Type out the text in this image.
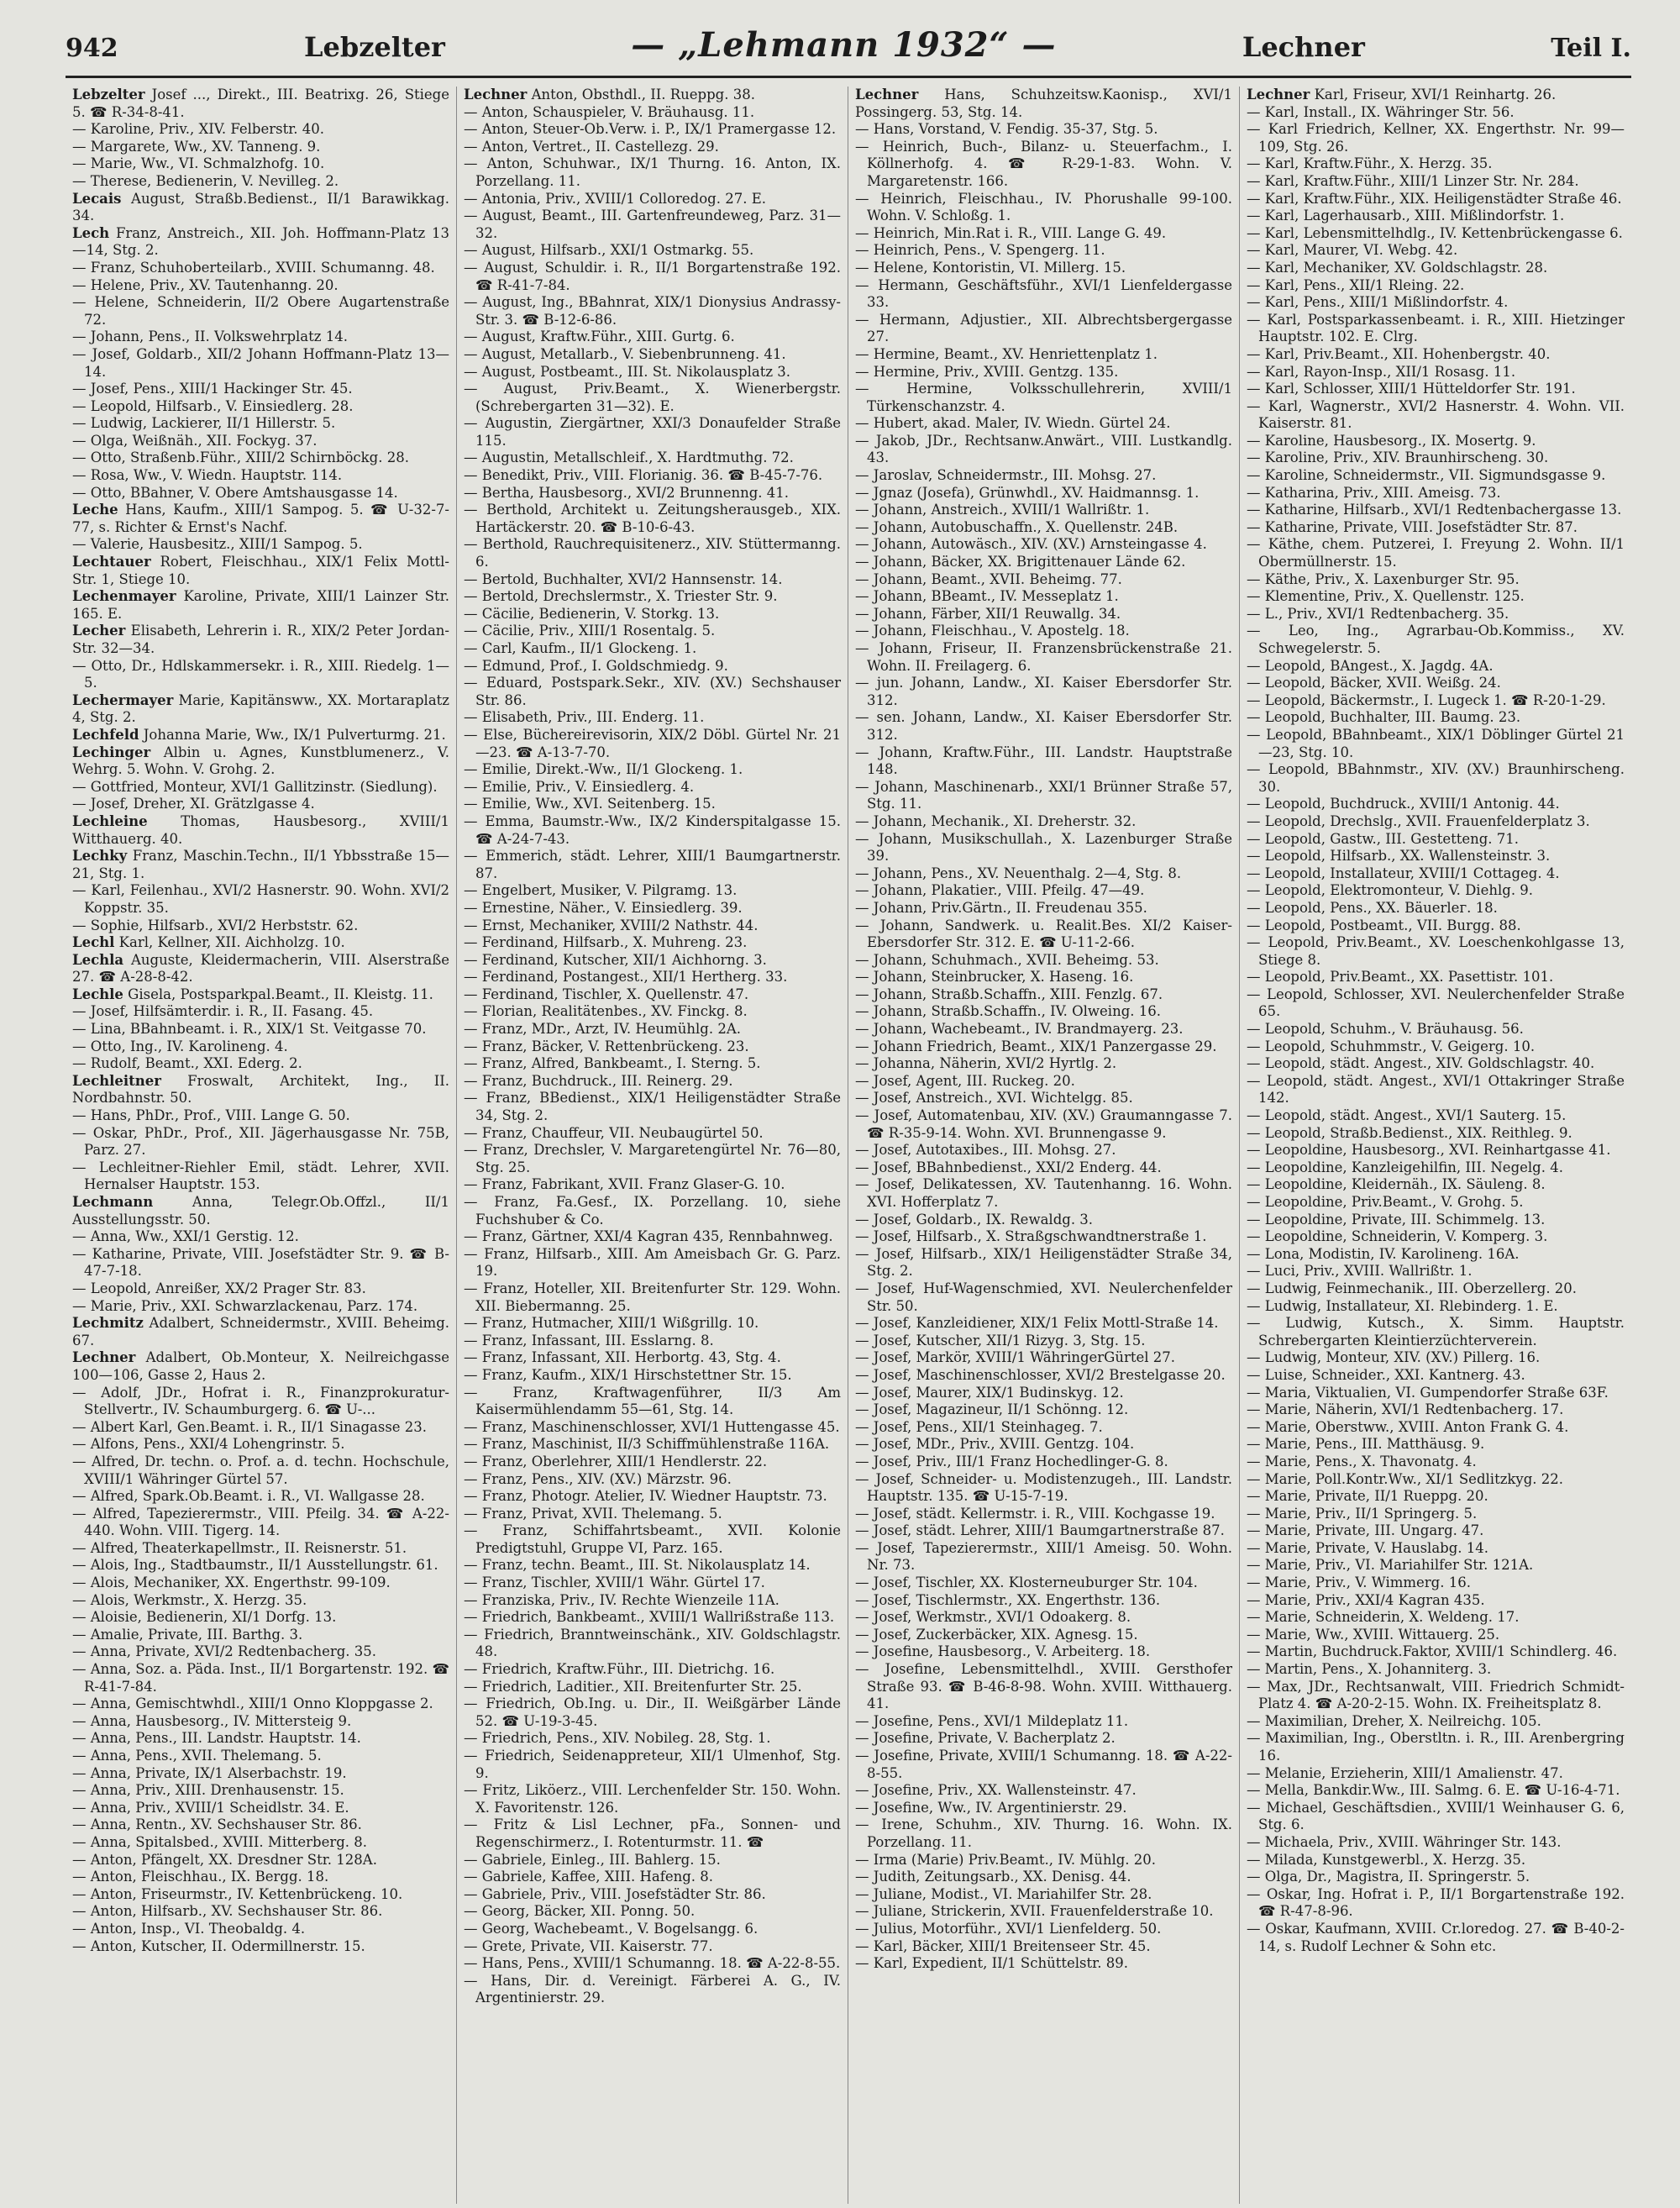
942	Lebzelter	— „Lehmann 1932“ —	Lechner	Teil I.
Lebzelter Josef ..., Direkt., III. Beatrixg. 26, Stiege 5. ☎ R-34-8-41.
— Karoline, Priv., XIV. Felberstr. 40.
— Margarete, Ww., XV. Tanneng. 9.
— Marie, Ww., VI. Schmalzhofg. 10.
— Therese, Bedienerin, V. Nevilleg. 2.
Lecais August, Straßb.Bedienst., II/1 Barawikkag. 34.
Lech Franz, Anstreich., XII. Joh. Hoffmann-Platz 13—14, Stg. 2.
— Franz, Schuhoberteilarb., XVIII. Schumanng. 48.
— Helene, Priv., XV. Tautenhanng. 20.
— Helene, Schneiderin, II/2 Obere Augartenstraße 72.
— Johann, Pens., II. Volkswehrplatz 14.
— Josef, Goldarb., XII/2 Johann Hoffmann-Platz 13—14.
— Josef, Pens., XIII/1 Hackinger Str. 45.
— Leopold, Hilfsarb., V. Einsiedlerg. 28.
— Ludwig, Lackierer, II/1 Hillerstr. 5.
— Olga, Weißnäh., XII. Fockyg. 37.
— Otto, Straßenb.Führ., XIII/2 Schirnböckg. 28.
— Rosa, Ww., V. Wiedn. Hauptstr. 114.
— Otto, BBahner, V. Obere Amtshausgasse 14.
Leche Hans, Kaufm., XIII/1 Sampog. 5. ☎ U-32-7-77, s. Richter & Ernst's Nachf.
— Valerie, Hausbesitz., XIII/1 Sampog. 5.
Lechtauer Robert, Fleischhau., XIX/1 Felix Mottl-Str. 1, Stiege 10.
Lechenmayer Karoline, Private, XIII/1 Lainzer Str. 165. E.
Lecher Elisabeth, Lehrerin i. R., XIX/2 Peter Jordan-Str. 32—34.
— Otto, Dr., Hdlskammersekr. i. R., XIII. Riedelg. 1—5.
Lechermayer Marie, Kapitänsww., XX. Mortaraplatz 4, Stg. 2.
Lechfeld Johanna Marie, Ww., IX/1 Pulverturmg. 21.
Lechinger Albin u. Agnes, Kunstblumenerz., V. Wehrg. 5. Wohn. V. Grohg. 2.
— Gottfried, Monteur, XVI/1 Gallitzinstr. (Siedlung).
— Josef, Dreher, XI. Grätzlgasse 4.
Lechleine Thomas, Hausbesorg., XVIII/1 Witthauerg. 40.
Lechky Franz, Maschin.Techn., II/1 Ybbsstraße 15—21, Stg. 1.
— Karl, Feilenhau., XVI/2 Hasnerstr. 90. Wohn. XVI/2 Koppstr. 35.
— Sophie, Hilfsarb., XVI/2 Herbststr. 62.
Lechl Karl, Kellner, XII. Aichholzg. 10.
Lechla Auguste, Kleidermacherin, VIII. Alserstraße 27. ☎ A-28-8-42.
Lechle Gisela, Postsparkpal.Beamt., II. Kleistg. 11.
— Josef, Hilfsämterdir. i. R., II. Fasang. 45.
— Lina, BBahnbeamt. i. R., XIX/1 St. Veitgasse 70.
— Otto, Ing., IV. Karolineng. 4.
— Rudolf, Beamt., XXI. Ederg. 2.
Lechleitner Froswalt, Architekt, Ing., II. Nordbahnstr. 50.
— Hans, PhDr., Prof., VIII. Lange G. 50.
— Oskar, PhDr., Prof., XII. Jägerhausgasse Nr. 75B, Parz. 27.
— Lechleitner-Riehler Emil, städt. Lehrer, XVII. Hernalser Hauptstr. 153.
Lechmann Anna, Telegr.Ob.Offzl., II/1 Ausstellungsstr. 50.
— Anna, Ww., XXI/1 Gerstig. 12.
— Katharine, Private, VIII. Josefstädter Str. 9. ☎ B-47-7-18.
— Leopold, Anreißer, XX/2 Prager Str. 83.
— Marie, Priv., XXI. Schwarzlackenau, Parz. 174.
Lechmitz Adalbert, Schneidermstr., XVIII. Beheimg. 67.
Lechner Adalbert, Ob.Monteur, X. Neilreichgasse 100—106, Gasse 2, Haus 2.
— Adolf, JDr., Hofrat i. R., Finanzprokuratur-Stellvertr., IV. Schaumburgerg. 6. ☎ U-...
— Albert Karl, Gen.Beamt. i. R., II/1 Sinagasse 23.
— Alfons, Pens., XXI/4 Lohengrinstr. 5.
— Alfred, Dr. techn. o. Prof. a. d. techn. Hochschule, XVIII/1 Währinger Gürtel 57.
— Alfred, Spark.Ob.Beamt. i. R., VI. Wallgasse 28.
— Alfred, Tapezierermstr., VIII. Pfeilg. 34. ☎ A-22-440. Wohn. VIII. Tigerg. 14.
— Alfred, Theaterkapellmstr., II. Reisnerstr. 51.
— Alois, Ing., Stadtbaumstr., II/1 Ausstellungstr. 61.
— Alois, Mechaniker, XX. Engerthstr. 99-109.
— Alois, Werkmstr., X. Herzg. 35.
— Aloisie, Bedienerin, XI/1 Dorfg. 13.
— Amalie, Private, III. Barthg. 3.
— Anna, Private, XVI/2 Redtenbacherg. 35.
— Anna, Soz. a. Päda. Inst., II/1 Borgartenstr. 192. ☎ R-41-7-84.
— Anna, Gemischtwhdl., XIII/1 Onno Kloppgasse 2.
— Anna, Hausbesorg., IV. Mittersteig 9.
— Anna, Pens., III. Landstr. Hauptstr. 14.
— Anna, Pens., XVII. Thelemang. 5.
— Anna, Private, IX/1 Alserbachstr. 19.
— Anna, Priv., XIII. Drenhausenstr. 15.
— Anna, Priv., XVIII/1 Scheidlstr. 34. E.
— Anna, Rentn., XV. Sechshauser Str. 86.
— Anna, Spitalsbed., XVIII. Mitterberg. 8.
— Anton, Pfängelt, XX. Dresdner Str. 128A.
— Anton, Fleischhau., IX. Bergg. 18.
— Anton, Friseurmstr., IV. Kettenbrückeng. 10.
— Anton, Hilfsarb., XV. Sechshauser Str. 86.
— Anton, Insp., VI. Theobaldg. 4.
— Anton, Kutscher, II. Odermillnerstr. 15.
Lechner Anton, Obsthdl., II. Rueppg. 38.
— Anton, Schauspieler, V. Bräuhausg. 11.
— Anton, Steuer-Ob.Verw. i. P., IX/1 Pramergasse 12.
— Anton, Vertret., II. Castellezg. 29.
— Anton, Schuhwar., IX/1 Thurng. 16. Anton, IX. Porzellang. 11.
— Antonia, Priv., XVIII/1 Colloredog. 27. E.
— August, Beamt., III. Gartenfreundeweg, Parz. 31—32.
— August, Hilfsarb., XXI/1 Ostmarkg. 55.
— August, Schuldir. i. R., II/1 Borgartenstraße 192. ☎ R-41-7-84.
— August, Ing., BBahnrat, XIX/1 Dionysius Andrassy-Str. 3. ☎ B-12-6-86.
— August, Kraftw.Führ., XIII. Gurtg. 6.
— August, Metallarb., V. Siebenbrunneng. 41.
— August, Postbeamt., III. St. Nikolausplatz 3.
— August, Priv.Beamt., X. Wienerbergstr. (Schrebergarten 31—32). E.
— Augustin, Ziergärtner, XXI/3 Donaufelder Straße 115.
— Augustin, Metallschleif., X. Hardtmuthg. 72.
— Benedikt, Priv., VIII. Florianig. 36. ☎ B-45-7-76.
— Bertha, Hausbesorg., XVI/2 Brunnenng. 41.
— Berthold, Architekt u. Zeitungsherausgeb., XIX. Hartäckerstr. 20. ☎ B-10-6-43.
— Berthold, Rauchrequisitenerz., XIV. Stüttermanng. 6.
— Bertold, Buchhalter, XVI/2 Hannsenstr. 14.
— Bertold, Drechslermstr., X. Triester Str. 9.
— Cäcilie, Bedienerin, V. Storkg. 13.
— Cäcilie, Priv., XIII/1 Rosentalg. 5.
— Carl, Kaufm., II/1 Glockeng. 1.
— Edmund, Prof., I. Goldschmiedg. 9.
— Eduard, Postspark.Sekr., XIV. (XV.) Sechshauser Str. 86.
— Elisabeth, Priv., III. Enderg. 11.
— Else, Büchereirevisorin, XIX/2 Döbl. Gürtel Nr. 21—23. ☎ A-13-7-70.
— Emilie, Direkt.-Ww., II/1 Glockeng. 1.
— Emilie, Priv., V. Einsiedlerg. 4.
— Emilie, Ww., XVI. Seitenberg. 15.
— Emma, Baumstr.-Ww., IX/2 Kinderspitalgasse 15. ☎ A-24-7-43.
— Emmerich, städt. Lehrer, XIII/1 Baumgartnerstr. 87.
— Engelbert, Musiker, V. Pilgramg. 13.
— Ernestine, Näher., V. Einsiedlerg. 39.
— Ernst, Mechaniker, XVIII/2 Nathstr. 44.
— Ferdinand, Hilfsarb., X. Muhreng. 23.
— Ferdinand, Kutscher, XII/1 Aichhorng. 3.
— Ferdinand, Postangest., XII/1 Hertherg. 33.
— Ferdinand, Tischler, X. Quellenstr. 47.
— Florian, Realitätenbes., XV. Finckg. 8.
— Franz, MDr., Arzt, IV. Heumühlg. 2A.
— Franz, Bäcker, V. Rettenbrückeng. 23.
— Franz, Alfred, Bankbeamt., I. Sterng. 5.
— Franz, Buchdruck., III. Reinerg. 29.
— Franz, BBedienst., XIX/1 Heiligenstädter Straße 34, Stg. 2.
— Franz, Chauffeur, VII. Neubaugürtel 50.
— Franz, Drechsler, V. Margaretengürtel Nr. 76—80, Stg. 25.
— Franz, Fabrikant, XVII. Franz Glaser-G. 10.
— Franz, Fa.Gesf., IX. Porzellang. 10, siehe Fuchshuber & Co.
— Franz, Gärtner, XXI/4 Kagran 435, Rennbahnweg.
— Franz, Hilfsarb., XIII. Am Ameisbach Gr. G. Parz. 19.
— Franz, Hoteller, XII. Breitenfurter Str. 129. Wohn. XII. Biebermanng. 25.
— Franz, Hutmacher, XIII/1 Wißgrillg. 10.
— Franz, Infassant, III. Esslarng. 8.
— Franz, Infassant, XII. Herbortg. 43, Stg. 4.
— Franz, Kaufm., XIX/1 Hirschstettner Str. 15.
— Franz, Kraftwagenführer, II/3 Am Kaisermühlendamm 55—61, Stg. 14.
— Franz, Maschinenschlosser, XVI/1 Huttengasse 45.
— Franz, Maschinist, II/3 Schiffmühlenstraße 116A.
— Franz, Oberlehrer, XIII/1 Hendlerstr. 22.
— Franz, Pens., XIV. (XV.) Märzstr. 96.
— Franz, Photogr. Atelier, IV. Wiedner Hauptstr. 73.
— Franz, Privat, XVII. Thelemang. 5.
— Franz, Schiffahrtsbeamt., XVII. Kolonie Predigtstuhl, Gruppe VI, Parz. 165.
— Franz, techn. Beamt., III. St. Nikolausplatz 14.
— Franz, Tischler, XVIII/1 Währ. Gürtel 17.
— Franziska, Priv., IV. Rechte Wienzeile 11A.
— Friedrich, Bankbeamt., XVIII/1 Wallrißstraße 113.
— Friedrich, Branntweinschänk., XIV. Goldschlagstr. 48.
— Friedrich, Kraftw.Führ., III. Dietrichg. 16.
— Friedrich, Laditier., XII. Breitenfurter Str. 25.
— Friedrich, Ob.Ing. u. Dir., II. Weißgärber Lände 52. ☎ U-19-3-45.
— Friedrich, Pens., XIV. Nobileg. 28, Stg. 1.
— Friedrich, Seidenappreteur, XII/1 Ulmenhof, Stg. 9.
— Fritz, Liköerz., VIII. Lerchenfelder Str. 150. Wohn. X. Favoritenstr. 126.
— Fritz & Lisl Lechner, pFa., Sonnen- und Regenschirmerz., I. Rotenturmstr. 11. ☎
— Gabriele, Einleg., III. Bahlerg. 15.
— Gabriele, Kaffee, XIII. Hafeng. 8.
— Gabriele, Priv., VIII. Josefstädter Str. 86.
— Georg, Bäcker, XII. Ponng. 50.
— Georg, Wachebeamt., V. Bogelsangg. 6.
— Grete, Private, VII. Kaiserstr. 77.
— Hans, Pens., XVIII/1 Schumanng. 18. ☎ A-22-8-55.
— Hans, Dir. d. Vereinigt. Färberei A. G., IV. Argentinierstr. 29.
Lechner Hans, Schuhzeitsw.Kaonisp., XVI/1 Possingerg. 53, Stg. 14.
— Hans, Vorstand, V. Fendig. 35-37, Stg. 5.
— Heinrich, Buch-, Bilanz- u. Steuerfachm., I. Köllnerhofg. 4. ☎ R-29-1-83. Wohn. V. Margaretenstr. 166.
— Heinrich, Fleischhau., IV. Phorushalle 99-100. Wohn. V. Schloßg. 1.
— Heinrich, Min.Rat i. R., VIII. Lange G. 49.
— Heinrich, Pens., V. Spengerg. 11.
— Helene, Kontoristin, VI. Millerg. 15.
— Hermann, Geschäftsführ., XVI/1 Lienfeldergasse 33.
— Hermann, Adjustier., XII. Albrechtsbergergasse 27.
— Hermine, Beamt., XV. Henriettenplatz 1.
— Hermine, Priv., XVIII. Gentzg. 135.
— Hermine, Volksschullehrerin, XVIII/1 Türkenschanzstr. 4.
— Hubert, akad. Maler, IV. Wiedn. Gürtel 24.
— Jakob, JDr., Rechtsanw.Anwärt., VIII. Lustkandlg. 43.
— Jaroslav, Schneidermstr., III. Mohsg. 27.
— Jgnaz (Josefa), Grünwhdl., XV. Haidmannsg. 1.
— Johann, Anstreich., XVIII/1 Wallrißtr. 1.
— Johann, Autobuschaffn., X. Quellenstr. 24B.
— Johann, Autowäsch., XIV. (XV.) Arnsteingasse 4.
— Johann, Bäcker, XX. Brigittenauer Lände 62.
— Johann, Beamt., XVII. Beheimg. 77.
— Johann, BBeamt., IV. Messeplatz 1.
— Johann, Färber, XII/1 Reuwallg. 34.
— Johann, Fleischhau., V. Apostelg. 18.
— Johann, Friseur, II. Franzensbrückenstraße 21. Wohn. II. Freilagerg. 6.
— jun. Johann, Landw., XI. Kaiser Ebersdorfer Str. 312.
— sen. Johann, Landw., XI. Kaiser Ebersdorfer Str. 312.
— Johann, Kraftw.Führ., III. Landstr. Hauptstraße 148.
— Johann, Maschinenarb., XXI/1 Brünner Straße 57, Stg. 11.
— Johann, Mechanik., XI. Dreherstr. 32.
— Johann, Musikschullah., X. Lazenburger Straße 39.
— Johann, Pens., XV. Neuenthalg. 2—4, Stg. 8.
— Johann, Plakatier., VIII. Pfeilg. 47—49.
— Johann, Priv.Gärtn., II. Freudenau 355.
— Johann, Sandwerk. u. Realit.Bes. XI/2 Kaiser-Ebersdorfer Str. 312. E. ☎ U-11-2-66.
— Johann, Schuhmach., XVII. Beheimg. 53.
— Johann, Steinbrucker, X. Haseng. 16.
— Johann, Straßb.Schaffn., XIII. Fenzlg. 67.
— Johann, Straßb.Schaffn., IV. Olweing. 16.
— Johann, Wachebeamt., IV. Brandmayerg. 23.
— Johann Friedrich, Beamt., XIX/1 Panzergasse 29.
— Johanna, Näherin, XVI/2 Hyrtlg. 2.
— Josef, Agent, III. Ruckeg. 20.
— Josef, Anstreich., XVI. Wichtelgg. 85.
— Josef, Automatenbau, XIV. (XV.) Graumanngasse 7. ☎ R-35-9-14. Wohn. XVI. Brunnengasse 9.
— Josef, Autotaxibes., III. Mohsg. 27.
— Josef, BBahnbedienst., XXI/2 Enderg. 44.
— Josef, Delikatessen, XV. Tautenhanng. 16. Wohn. XVI. Hofferplatz 7.
— Josef, Goldarb., IX. Rewaldg. 3.
— Josef, Hilfsarb., X. Straßgschwandtnerstraße 1.
— Josef, Hilfsarb., XIX/1 Heiligenstädter Straße 34, Stg. 2.
— Josef, Huf-Wagenschmied, XVI. Neulerchenfelder Str. 50.
— Josef, Kanzleidiener, XIX/1 Felix Mottl-Straße 14.
— Josef, Kutscher, XII/1 Rizyg. 3, Stg. 15.
— Josef, Markör, XVIII/1 WähringerGürtel 27.
— Josef, Maschinenschlosser, XVI/2 Brestelgasse 20.
— Josef, Maurer, XIX/1 Budinskyg. 12.
— Josef, Magazineur, II/1 Schönng. 12.
— Josef, Pens., XII/1 Steinhageg. 7.
— Josef, MDr., Priv., XVIII. Gentzg. 104.
— Josef, Priv., III/1 Franz Hochedlinger-G. 8.
— Josef, Schneider- u. Modistenzugeh., III. Landstr. Hauptstr. 135. ☎ U-15-7-19.
— Josef, städt. Kellermstr. i. R., VIII. Kochgasse 19.
— Josef, städt. Lehrer, XIII/1 Baumgartnerstraße 87.
— Josef, Tapezierermstr., XIII/1 Ameisg. 50. Wohn. Nr. 73.
— Josef, Tischler, XX. Klosterneuburger Str. 104.
— Josef, Tischlermstr., XX. Engerthstr. 136.
— Josef, Werkmstr., XVI/1 Odoakerg. 8.
— Josef, Zuckerbäcker, XIX. Agnesg. 15.
— Josefine, Hausbesorg., V. Arbeiterg. 18.
— Josefine, Lebensmittelhdl., XVIII. Gersthofer Straße 93. ☎ B-46-8-98. Wohn. XVIII. Witthauerg. 41.
— Josefine, Pens., XVI/1 Mildeplatz 11.
— Josefine, Private, V. Bacherplatz 2.
— Josefine, Private, XVIII/1 Schumanng. 18. ☎ A-22-8-55.
— Josefine, Priv., XX. Wallensteinstr. 47.
— Josefine, Ww., IV. Argentinierstr. 29.
— Irene, Schuhm., XIV. Thurng. 16. Wohn. IX. Porzellang. 11.
— Irma (Marie) Priv.Beamt., IV. Mühlg. 20.
— Judith, Zeitungsarb., XX. Denisg. 44.
— Juliane, Modist., VI. Mariahilfer Str. 28.
— Juliane, Strickerin, XVII. Frauenfelderstraße 10.
— Julius, Motorführ., XVI/1 Lienfelderg. 50.
— Karl, Bäcker, XIII/1 Breitenseer Str. 45.
— Karl, Expedient, II/1 Schüttelstr. 89.
Lechner Karl, Friseur, XVI/1 Reinhartg. 26.
— Karl, Install., IX. Währinger Str. 56.
— Karl Friedrich, Kellner, XX. Engerthstr. Nr. 99—109, Stg. 26.
— Karl, Kraftw.Führ., X. Herzg. 35.
— Karl, Kraftw.Führ., XIII/1 Linzer Str. Nr. 284.
— Karl, Kraftw.Führ., XIX. Heiligenstädter Straße 46.
— Karl, Lagerhausarb., XIII. Mißlindorfstr. 1.
— Karl, Lebensmittelhdlg., IV. Kettenbrückengasse 6.
— Karl, Maurer, VI. Webg. 42.
— Karl, Mechaniker, XV. Goldschlagstr. 28.
— Karl, Pens., XII/1 Rleing. 22.
— Karl, Pens., XIII/1 Mißlindorfstr. 4.
— Karl, Postsparkassenbeamt. i. R., XIII. Hietzinger Hauptstr. 102. E. Clrg.
— Karl, Priv.Beamt., XII. Hohenbergstr. 40.
— Karl, Rayon-Insp., XII/1 Rosasg. 11.
— Karl, Schlosser, XIII/1 Hütteldorfer Str. 191.
— Karl, Wagnerstr., XVI/2 Hasnerstr. 4. Wohn. VII. Kaiserstr. 81.
— Karoline, Hausbesorg., IX. Mosertg. 9.
— Karoline, Priv., XIV. Braunhirscheng. 30.
— Karoline, Schneidermstr., VII. Sigmundsgasse 9.
— Katharina, Priv., XIII. Ameisg. 73.
— Katharine, Hilfsarb., XVI/1 Redtenbachergasse 13.
— Katharine, Private, VIII. Josefstädter Str. 87.
— Käthe, chem. Putzerei, I. Freyung 2. Wohn. II/1 Obermüllnerstr. 15.
— Käthe, Priv., X. Laxenburger Str. 95.
— Klementine, Priv., X. Quellenstr. 125.
— L., Priv., XVI/1 Redtenbacherg. 35.
— Leo, Ing., Agrarbau-Ob.Kommiss., XV. Schwegelerstr. 5.
— Leopold, BAngest., X. Jagdg. 4A.
— Leopold, Bäcker, XVII. Weißg. 24.
— Leopold, Bäckermstr., I. Lugeck 1. ☎ R-20-1-29.
— Leopold, Buchhalter, III. Baumg. 23.
— Leopold, BBahnbeamt., XIX/1 Döblinger Gürtel 21—23, Stg. 10.
— Leopold, BBahnmstr., XIV. (XV.) Braunhirscheng. 30.
— Leopold, Buchdruck., XVIII/1 Antonig. 44.
— Leopold, Drechslg., XVII. Frauenfelderplatz 3.
— Leopold, Gastw., III. Gestetteng. 71.
— Leopold, Hilfsarb., XX. Wallensteinstr. 3.
— Leopold, Installateur, XVIII/1 Cottageg. 4.
— Leopold, Elektromonteur, V. Diehlg. 9.
— Leopold, Pens., XX. Bäuerlег. 18.
— Leopold, Postbeamt., VII. Burgg. 88.
— Leopold, Priv.Beamt., XV. Loeschenkohlgasse 13, Stiege 8.
— Leopold, Priv.Beamt., XX. Pasettistr. 101.
— Leopold, Schlosser, XVI. Neulerchenfelder Straße 65.
— Leopold, Schuhm., V. Bräuhausg. 56.
— Leopold, Schuhmmstr., V. Geigerg. 10.
— Leopold, städt. Angest., XIV. Goldschlagstr. 40.
— Leopold, städt. Angest., XVI/1 Ottakringer Straße 142.
— Leopold, städt. Angest., XVI/1 Sauterg. 15.
— Leopold, Straßb.Bedienst., XIX. Reithleg. 9.
— Leopoldine, Hausbesorg., XVI. Reinhartgasse 41.
— Leopoldine, Kanzleigehilfin, III. Negelg. 4.
— Leopoldine, Kleidernäh., IX. Säuleng. 8.
— Leopoldine, Priv.Beamt., V. Grohg. 5.
— Leopoldine, Private, III. Schimmelg. 13.
— Leopoldine, Schneiderin, V. Komperg. 3.
— Lona, Modistin, IV. Karolineng. 16A.
— Luci, Priv., XVIII. Wallrißtr. 1.
— Ludwig, Feinmechanik., III. Oberzellerg. 20.
— Ludwig, Installateur, XI. Rlebinderg. 1. E.
— Ludwig, Kutsch., X. Simm. Hauptstr. Schrebergarten Kleintierzüchterverein.
— Ludwig, Monteur, XIV. (XV.) Pillerg. 16.
— Luise, Schneider., XXI. Kantnerg. 43.
— Maria, Viktualien, VI. Gumpendorfer Straße 63F.
— Marie, Näherin, XVI/1 Redtenbacherg. 17.
— Marie, Oberstww., XVIII. Anton Frank G. 4.
— Marie, Pens., III. Matthäusg. 9.
— Marie, Pens., X. Thavonatg. 4.
— Marie, Poll.Kontr.Ww., XI/1 Sedlitzkyg. 22.
— Marie, Private, II/1 Rueppg. 20.
— Marie, Priv., II/1 Springerg. 5.
— Marie, Private, III. Ungarg. 47.
— Marie, Private, V. Hauslabg. 14.
— Marie, Priv., VI. Mariahilfer Str. 121A.
— Marie, Priv., V. Wimmerg. 16.
— Marie, Priv., XXI/4 Kagran 435.
— Marie, Schneiderin, X. Weldeng. 17.
— Marie, Ww., XVIII. Wittauerg. 25.
— Martin, Buchdruck.Faktor, XVIII/1 Schindlerg. 46.
— Martin, Pens., X. Johanniterg. 3.
— Max, JDr., Rechtsanwalt, VIII. Friedrich Schmidt-Platz 4. ☎ A-20-2-15. Wohn. IX. Freiheitsplatz 8.
— Maximilian, Dreher, X. Neilreichg. 105.
— Maximilian, Ing., Oberstltn. i. R., III. Arenbergring 16.
— Melanie, Erzieherin, XIII/1 Amalienstr. 47.
— Mella, Bankdir.Ww., III. Salmg. 6. E. ☎ U-16-4-71.
— Michael, Geschäftsdien., XVIII/1 Weinhauser G. 6, Stg. 6.
— Michaela, Priv., XVIII. Währinger Str. 143.
— Milada, Kunstgewerbl., X. Herzg. 35.
— Olga, Dr., Magistra, II. Springerstr. 5.
— Oskar, Ing. Hofrat i. P., II/1 Borgartenstraße 192. ☎ R-47-8-96.
— Oskar, Kaufmann, XVIII. Cr.loredog. 27. ☎ B-40-2-14, s. Rudolf Lechner & Sohn etc.
